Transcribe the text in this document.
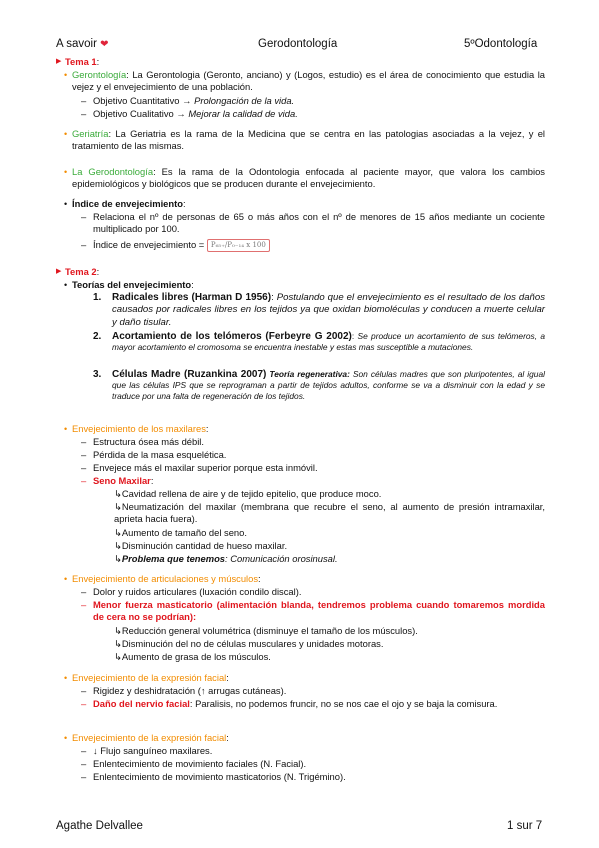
A savoir ❤	Gerodontología	5ºOdontología
▶ Tema 1:
• Gerontología: La Gerontologia (Geronto, anciano) y (Logos, estudio) es el área de conocimiento que estudia la vejez y el envejecimiento de una población.
– Objetivo Cuantitativo → Prolongación de la vida.
– Objetivo Cualitativo → Mejorar la calidad de vida.
• Geriatría: La Geriatria es la rama de la Medicina que se centra en las patologias asociadas a la vejez, y el tratamiento de las mismas.
• La Gerodontología: Es la rama de la Odontologia enfocada al paciente mayor, que valora los cambios epidemiológicos y biológicos que se producen durante el envejecimiento.
• Índice de envejecimiento:
– Relaciona el nº de personas de 65 o más años con el nº de menores de 15 años mediante un cociente multiplicado por 100.
– Índice de envejecimiento = P₆₅₊/P₀₋₁₄ x 100
▶ Tema 2:
• Teorías del envejecimiento:
1. Radicales libres (Harman D 1956): Postulando que el envejecimiento es el resultado de los daños causados por radicales libres en los tejidos ya que oxidan biomoléculas y conducen a muerte celular y daño tisular.
2. Acortamiento de los telómeros (Ferbeyre G 2002): Se produce un acortamiento de sus telómeros, a mayor acortamiento el cromosoma se encuentra inestable y estas mas susceptible a mutaciones.
3. Células Madre (Ruzankina 2007) Teoría regenerativa: Son células madres que son pluripotentes, al igual que las células IPS que se reprograman a partir de tejidos adultos, conforme se va a disminuir con la edad y se traduce por una falta de regeneración de los tejidos.
• Envejecimiento de los maxilares:
– Estructura ósea más débil.
– Pérdida de la masa esquelética.
– Envejece más el maxilar superior porque esta inmóvil.
– Seno Maxilar:
↳Cavidad rellena de aire y de tejido epitelio, que produce moco.
↳Neumatización del maxilar (membrana que recubre el seno, al aumento de presión intramaxilar, aprieta hacia fuera).
↳Aumento de tamaño del seno.
↳Disminución cantidad de hueso maxilar.
↳Problema que tenemos: Comunicación orosinusal.
• Envejecimiento de articulaciones y músculos:
– Dolor y ruidos articulares (luxación condilo discal).
– Menor fuerza masticatorio (alimentación blanda, tendremos problema cuando tomaremos mordida de cera no se podrían):
↳Reducción general volumétrica (disminuye el tamaño de los músculos).
↳Disminución del no de células musculares y unidades motoras.
↳Aumento de grasa de los músculos.
• Envejecimiento de la expresión facial:
– Rigidez y deshidratación (↑ arrugas cutáneas).
– Daño del nervio facial: Paralisis, no podemos fruncir, no se nos cae el ojo y se baja la comisura.
• Envejecimiento de la expresión facial:
– ↓ Flujo sanguíneo maxilares.
– Enlentecimiento de movimiento faciales (N. Facial).
– Enlentecimiento de movimiento masticatorios (N. Trigémino).
Agathe Delvallee	1 sur 7
